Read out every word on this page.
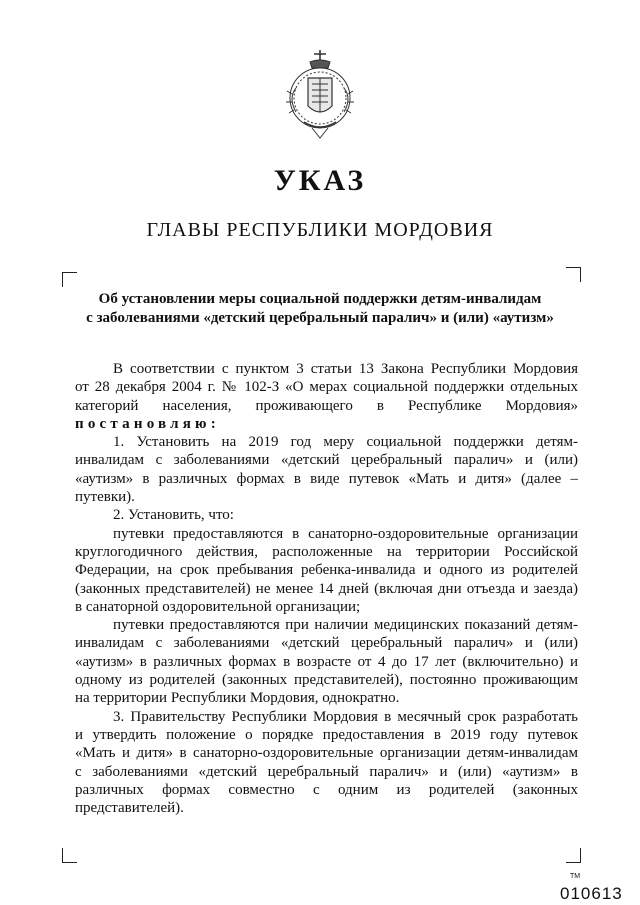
УКАЗ
ГЛАВЫ РЕСПУБЛИКИ МОРДОВИЯ
Об установлении меры социальной поддержки детям-инвалидам
с заболеваниями «детский церебральный паралич» и (или) «аутизм»
В соответствии с пунктом 3 статьи 13 Закона Республики Мордовия
от 28 декабря 2004 г. № 102-З «О мерах социальной поддержки отдельных
категорий населения, проживающего в Республике Мордовия»
постановляю:
1. Установить на 2019 год меру социальной поддержки детям-
инвалидам с заболеваниями «детский церебральный паралич» и (или)
«аутизм» в различных формах в виде путевок «Мать и дитя» (далее –
путевки).
2. Установить, что:
путевки предоставляются в санаторно-оздоровительные организации
круглогодичного действия, расположенные на территории Российской
Федерации, на срок пребывания ребенка-инвалида и одного из родителей
(законных представителей) не менее 14 дней (включая дни отъезда и заезда)
в санаторной оздоровительной организации;
путевки предоставляются при наличии медицинских показаний детям-
инвалидам с заболеваниями «детский церебральный паралич» и (или)
«аутизм» в различных формах в возрасте от 4 до 17 лет (включительно) и
одному из родителей (законных представителей), постоянно проживающим
на территории Республики Мордовия, однократно.
3. Правительству Республики Мордовия в месячный срок разработать
и утвердить положение о порядке предоставления в 2019 году путевок
«Мать и дитя» в санаторно-оздоровительные организации детям-инвалидам
с заболеваниями «детский церебральный паралич» и (или) «аутизм» в
различных формах совместно с одним из родителей (законных
представителей).
ТМ
010613
